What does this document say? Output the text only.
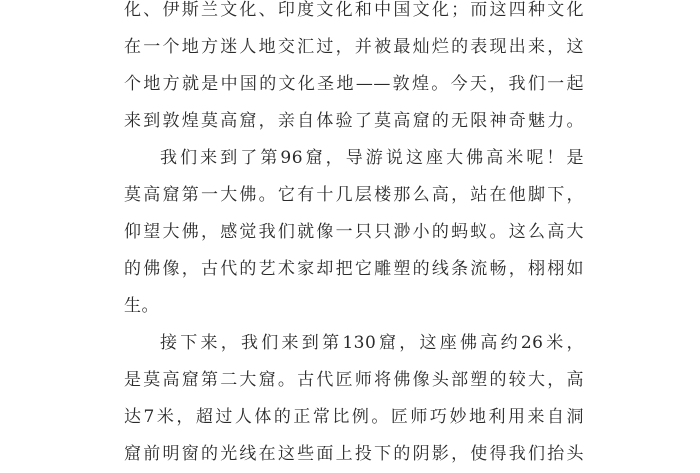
化、伊斯兰文化、印度文化和中国文化；而这四种文化
在一个地方迷人地交汇过，并被最灿烂的表现出来，这
个地方就是中国的文化圣地——敦煌。今天，我们一起
来到敦煌莫高窟，亲自体验了莫高窟的无限神奇魅力。
我们来到了第96窟，导游说这座大佛高米呢！是
莫高窟第一大佛。它有十几层楼那么高，站在他脚下，
仰望大佛，感觉我们就像一只只渺小的蚂蚁。这么高大
的佛像，古代的艺术家却把它雕塑的线条流畅，栩栩如
生。
接下来，我们来到第130窟，这座佛高约26米，
是莫高窟第二大窟。古代匠师将佛像头部塑的较大，高
达7米，超过人体的正常比例。匠师巧妙地利用来自洞
窟前明窗的光线在这些面上投下的阴影，使得我们抬头
